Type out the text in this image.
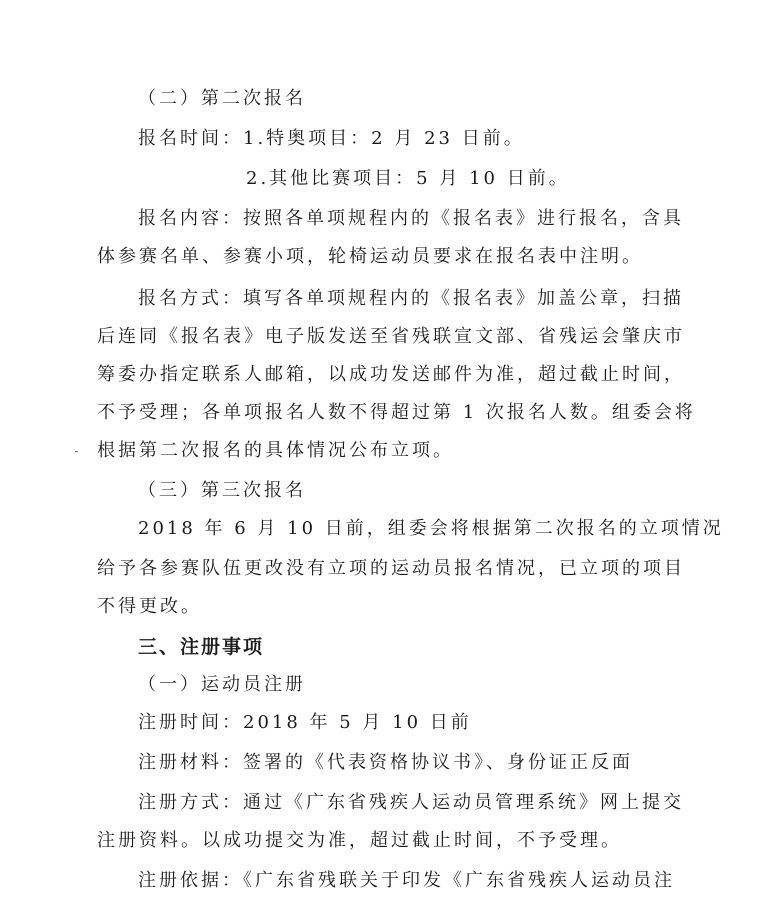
（二）第二次报名
报名时间：1.特奥项目：2 月 23 日前。
2.其他比赛项目：5 月 10 日前。
报名内容：按照各单项规程内的《报名表》进行报名，含具
体参赛名单、参赛小项，轮椅运动员要求在报名表中注明。
报名方式：填写各单项规程内的《报名表》加盖公章，扫描
后连同《报名表》电子版发送至省残联宣文部、省残运会肇庆市
筹委办指定联系人邮箱，以成功发送邮件为准，超过截止时间，
不予受理；各单项报名人数不得超过第 1 次报名人数。组委会将
根据第二次报名的具体情况公布立项。
（三）第三次报名
2018 年 6 月 10 日前，组委会将根据第二次报名的立项情况
给予各参赛队伍更改没有立项的运动员报名情况，已立项的项目
不得更改。
三、注册事项
（一）运动员注册
注册时间：2018 年 5 月 10 日前
注册材料：签署的《代表资格协议书》、身份证正反面
注册方式：通过《广东省残疾人运动员管理系统》网上提交
注册资料。以成功提交为准，超过截止时间，不予受理。
注册依据：《广东省残联关于印发《广东省残疾人运动员注
